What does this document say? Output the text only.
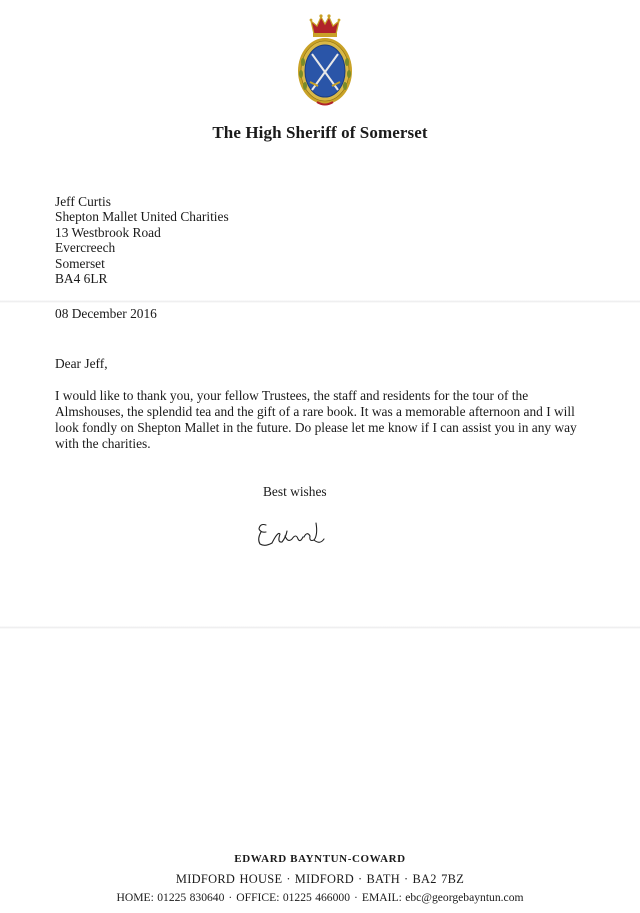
The High Sheriff of Somerset
Jeff Curtis
Shepton Mallet United Charities
13 Westbrook Road
Evercreech
Somerset
BA4 6LR
08 December 2016
Dear Jeff,
I would like to thank you, your fellow Trustees, the staff and residents for the tour of the
Almshouses, the splendid tea and the gift of a rare book. It was a memorable afternoon and I will
look fondly on Shepton Mallet in the future. Do please let me know if I can assist you in any way
with the charities.
Best wishes
EDWARD BAYNTUN-COWARD
MIDFORD HOUSE · MIDFORD · BATH · BA2 7BZ
HOME: 01225 830640 · OFFICE: 01225 466000 · EMAIL: ebc@georgebayntun.com
